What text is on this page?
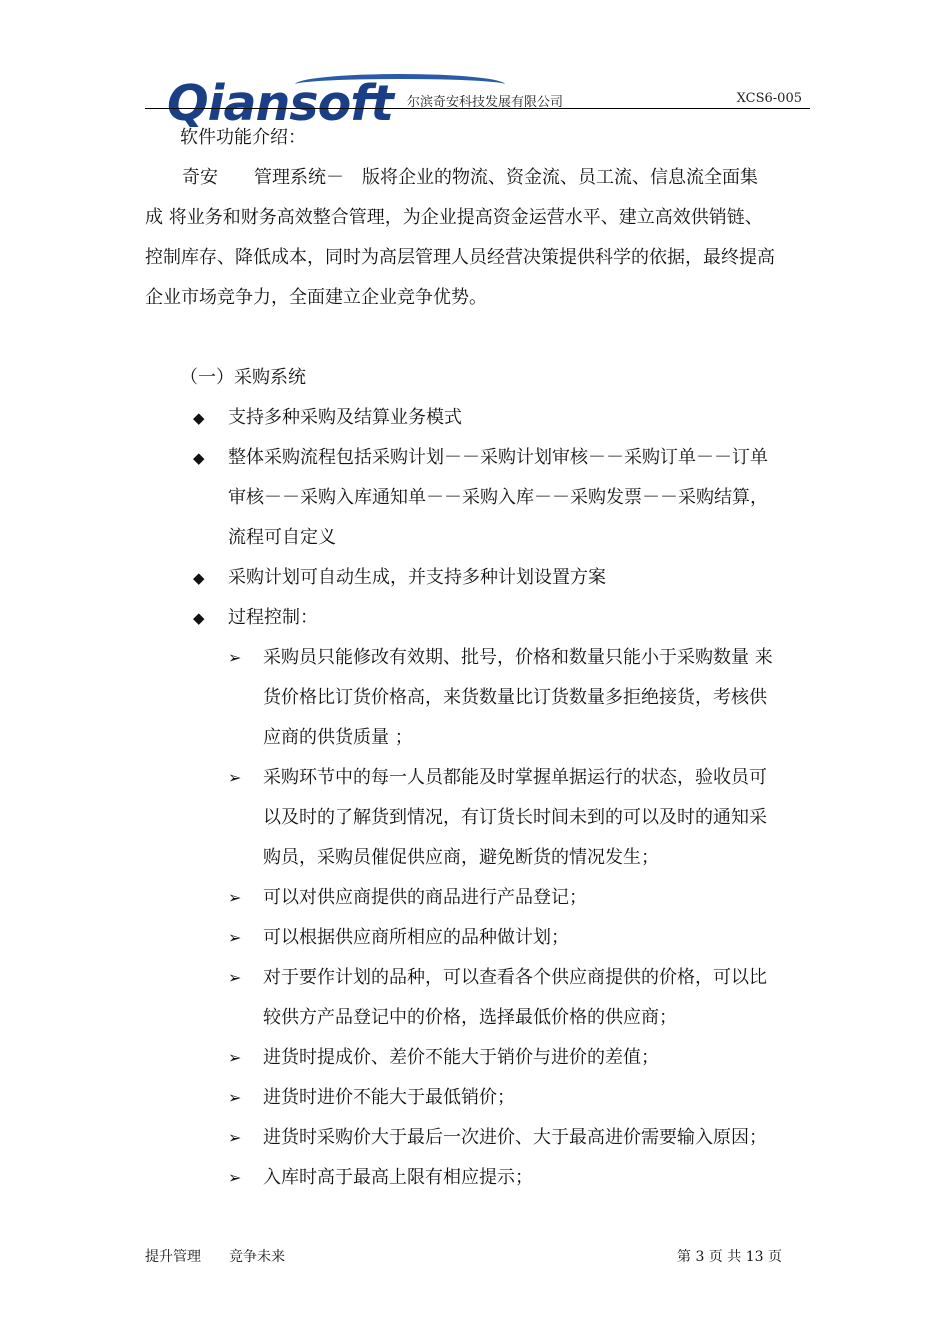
Qiansoft 尔滨奇安科技发展有限公司	XCS6-005
软件功能介绍：
奇安　　管理系统－　版将企业的物流、资金流、员工流、信息流全面集
成 将业务和财务高效整合管理，为企业提高资金运营水平、建立高效供销链、
控制库存、降低成本，同时为高层管理人员经营决策提供科学的依据，最终提高
企业市场竞争力，全面建立企业竞争优势。
（一）采购系统
◆ 支持多种采购及结算业务模式
◆ 整体采购流程包括采购计划－－采购计划审核－－采购订单－－订单
审核－－采购入库通知单－－采购入库－－采购发票－－采购结算，
流程可自定义
◆ 采购计划可自动生成，并支持多种计划设置方案
◆ 过程控制：
➢ 采购员只能修改有效期、批号，价格和数量只能小于采购数量 来
货价格比订货价格高，来货数量比订货数量多拒绝接货，考核供
应商的供货质量 ；
➢ 采购环节中的每一人员都能及时掌握单据运行的状态，验收员可
以及时的了解货到情况，有订货长时间未到的可以及时的通知采
购员，采购员催促供应商，避免断货的情况发生；
➢ 可以对供应商提供的商品进行产品登记；
➢ 可以根据供应商所相应的品种做计划；
➢ 对于要作计划的品种，可以查看各个供应商提供的价格，可以比
较供方产品登记中的价格，选择最低价格的供应商；
➢ 进货时提成价、差价不能大于销价与进价的差值；
➢ 进货时进价不能大于最低销价；
➢ 进货时采购价大于最后一次进价、大于最高进价需要输入原因；
➢ 入库时高于最高上限有相应提示；
提升管理　　竞争未来	第 3 页 共 13 页
